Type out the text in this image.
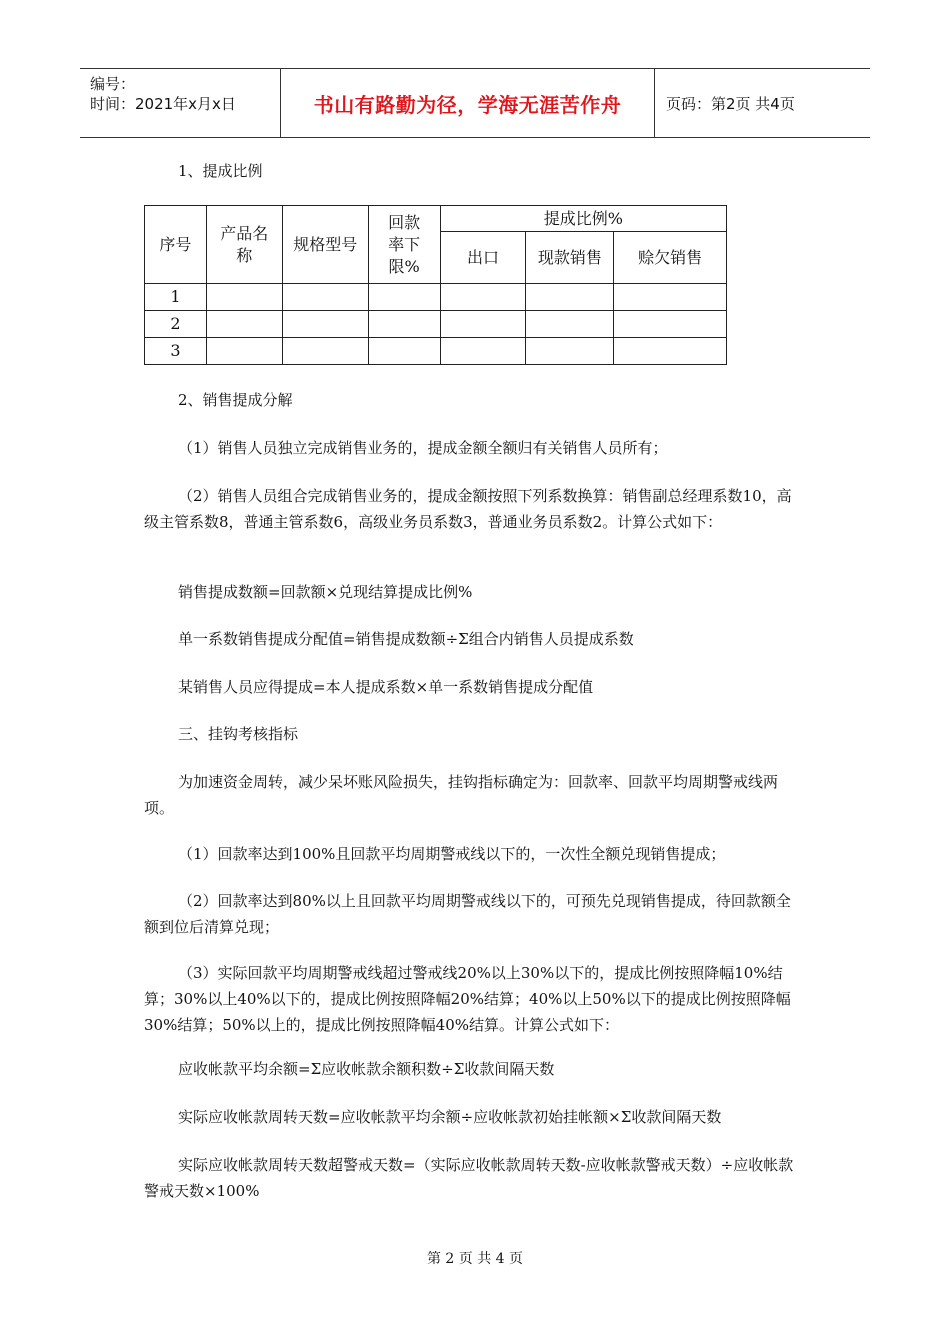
编号：
时间：2021年x月x日	书山有路勤为径，学海无涯苦作舟	页码：第2页 共4页
1、提成比例
序号	产品名称	规格型号	回款率下限%	提成比例%		
				出口	现款销售	赊欠销售
1						
2						
3						
2、销售提成分解
（1）销售人员独立完成销售业务的，提成金额全额归有关销售人员所有；
（2）销售人员组合完成销售业务的，提成金额按照下列系数换算：销售副总经理系数10，高级主管系数8，普通主管系数6，高级业务员系数3，普通业务员系数2。计算公式如下：
销售提成数额=回款额×兑现结算提成比例%
单一系数销售提成分配值=销售提成数额÷Σ组合内销售人员提成系数
某销售人员应得提成=本人提成系数×单一系数销售提成分配值
三、挂钩考核指标
为加速资金周转，减少呆坏账风险损失，挂钩指标确定为：回款率、回款平均周期警戒线两项。
（1）回款率达到100%且回款平均周期警戒线以下的，一次性全额兑现销售提成；
（2）回款率达到80%以上且回款平均周期警戒线以下的，可预先兑现销售提成，待回款额全额到位后清算兑现；
（3）实际回款平均周期警戒线超过警戒线20%以上30%以下的，提成比例按照降幅10%结算；30%以上40%以下的，提成比例按照降幅20%结算；40%以上50%以下的提成比例按照降幅30%结算；50%以上的，提成比例按照降幅40%结算。计算公式如下：
应收帐款平均余额=Σ应收帐款余额积数÷Σ收款间隔天数
实际应收帐款周转天数=应收帐款平均余额÷应收帐款初始挂帐额×Σ收款间隔天数
实际应收帐款周转天数超警戒天数=（实际应收帐款周转天数-应收帐款警戒天数）÷应收帐款警戒天数×100%
第 2 页 共 4 页
